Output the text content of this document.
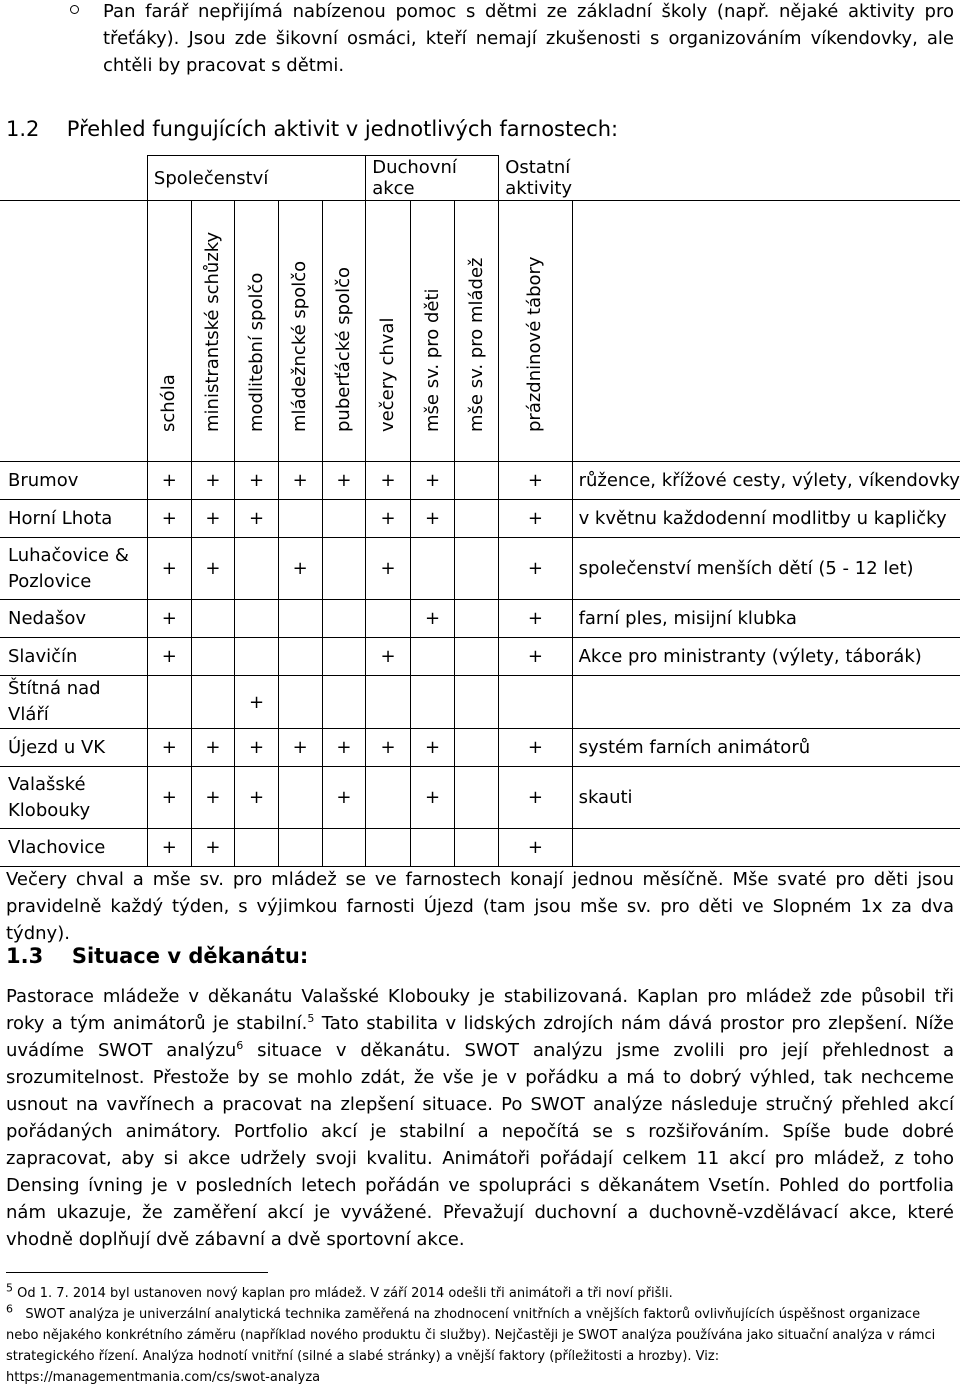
Pan farář nepřijímá nabízenou pomoc s dětmi ze základní školy (např. nějaké aktivity pro třeťáky). Jsou zde šikovní osmáci, kteří nemají zkušenosti s organizováním víkendovky, ale chtěli by pracovat s dětmi.
1.2 Přehled fungujících aktivit v jednotlivých farnostech:
	Společenství					Duchovní akce			Ostatní aktivity	

	schóla	ministrantské schůzky	modlitební spolčo	mládežncké spolčo	puberťácké spolčo	večery chval	mše sv. pro děti	mše sv. pro mládež	prázdninové tábory	

Brumov	+	+	+	+	+	+	+		+	růžence, křížové cesty, výlety, víkendovky
Horní Lhota	+	+	+			+	+		+	v květnu každodenní modlitby u kapličky
Luhačovice & Pozlovice	+	+		+		+			+	společenství menších dětí (5 - 12 let)
Nedašov	+						+		+	farní ples, misijní klubka
Slavičín	+					+			+	Akce pro ministranty (výlety, táborák)
Štítná nad Vláří			+							
Újezd u VK	+	+	+	+	+	+	+		+	systém farních animátorů
Valašské Klobouky	+	+	+		+		+		+	skauti
Vlachovice	+	+							+	
Večery chval a mše sv. pro mládež se ve farnostech konají jednou měsíčně. Mše svaté pro děti jsou pravidelně každý týden, s výjimkou farnosti Újezd (tam jsou mše sv. pro děti ve Slopném 1x za dva týdny).
1.3 Situace v děkanátu:
Pastorace mládeže v děkanátu Valašské Klobouky je stabilizovaná. Kaplan pro mládež zde působil tři roky a tým animátorů je stabilní.$^5$ Tato stabilita v lidských zdrojích nám dává prostor pro zlepšení. Níže uvádíme SWOT analýzu$^6$ situace v děkanátu. SWOT analýzu jsme zvolili pro její přehlednost a srozumitelnost. Přestože by se mohlo zdát, že vše je v pořádku a má to dobrý výhled, tak nechceme usnout na vavřínech a pracovat na zlepšení situace. Po SWOT analýze následuje stručný přehled akcí pořádaných animátory. Portfolio akcí je stabilní a nepočítá se s rozšiřováním. Spíše bude dobré zapracovat, aby si akce udržely svoji kvalitu. Animátoři pořádají celkem 11 akcí pro mládež, z toho Densing ívning je v posledních letech pořádán ve spolupráci s děkanátem Vsetín. Pohled do portfolia nám ukazuje, že zaměření akcí je vyvážené. Převažují duchovní a duchovně-vzdělávací akce, které vhodně doplňují dvě zábavní a dvě sportovní akce.
$^5$ Od 1. 7. 2014 byl ustanoven nový kaplan pro mládež. V září 2014 odešli tři animátoři a tři noví přišli.
$^6$ SWOT analýza je univerzální analytická technika zaměřená na zhodnocení vnitřních a vnějších faktorů ovlivňujících úspěšnost organizace nebo nějakého konkrétního záměru (například nového produktu či služby). Nejčastěji je SWOT analýza používána jako situační analýza v rámci strategického řízení. Analýza hodnotí vnitřní (silné a slabé stránky) a vnější faktory (příležitosti a hrozby). Viz: https://managementmania.com/cs/swot-analyza
